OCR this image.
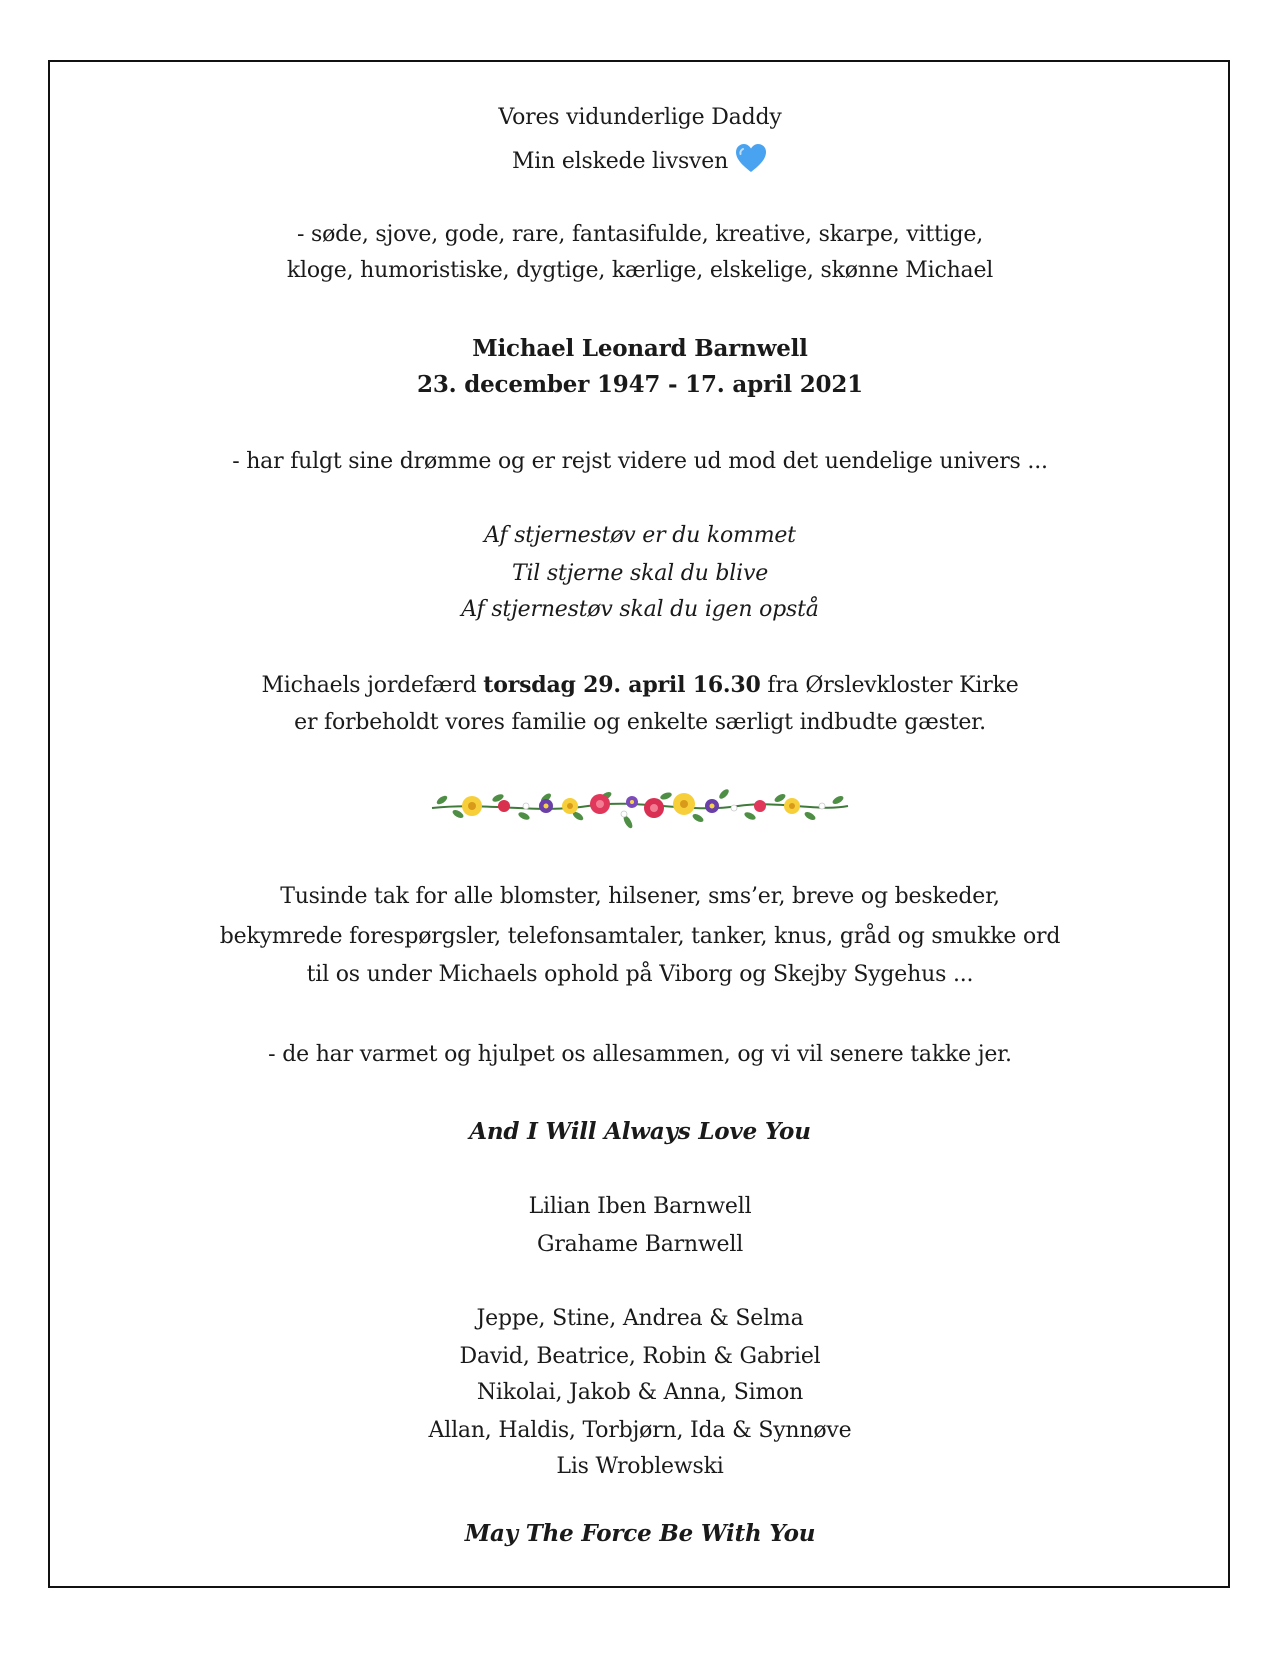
Vores vidunderlige Daddy
Min elskede livsven
- søde, sjove, gode, rare, fantasifulde, kreative, skarpe, vittige,
kloge, humoristiske, dygtige, kærlige, elskelige, skønne Michael
Michael Leonard Barnwell
23. december 1947 - 17. april 2021
- har fulgt sine drømme og er rejst videre ud mod det uendelige univers ...
Af stjernestøv er du kommet
Til stjerne skal du blive
Af stjernestøv skal du igen opstå
Michaels jordefærd torsdag 29. april 16.30 fra Ørslevkloster Kirke
er forbeholdt vores familie og enkelte særligt indbudte gæster.
Tusinde tak for alle blomster, hilsener, sms’er, breve og beskeder,
bekymrede forespørgsler, telefonsamtaler, tanker, knus, gråd og smukke ord
til os under Michaels ophold på Viborg og Skejby Sygehus ...
- de har varmet og hjulpet os allesammen, og vi vil senere takke jer.
And I Will Always Love You
Lilian Iben Barnwell
Grahame Barnwell
Jeppe, Stine, Andrea & Selma
David, Beatrice, Robin & Gabriel
Nikolai, Jakob & Anna, Simon
Allan, Haldis, Torbjørn, Ida & Synnøve
Lis Wroblewski
May The Force Be With You
